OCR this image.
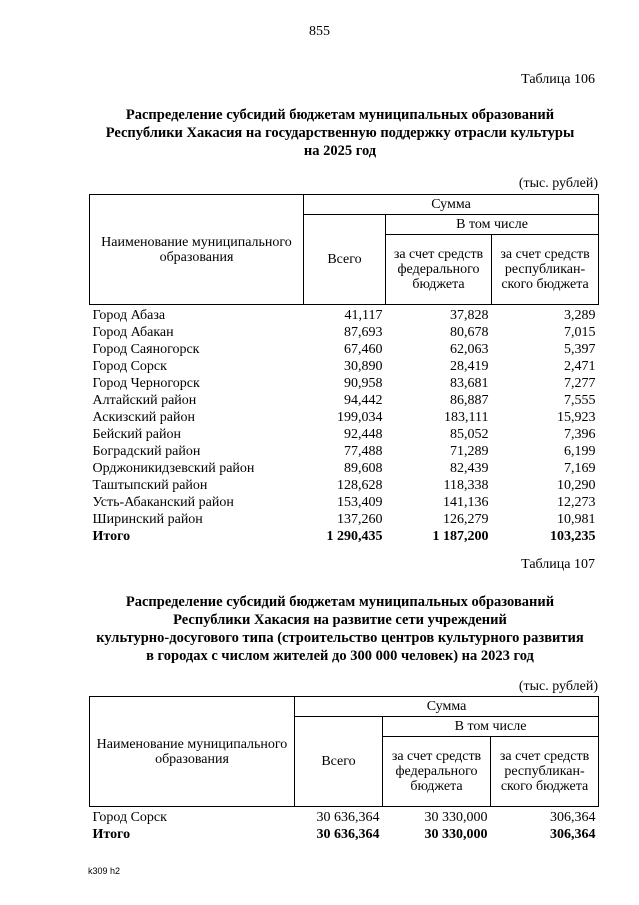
855
Таблица 106
Распределение субсидий бюджетам муниципальных образований
Республики Хакасия на государственную поддержку отрасли культуры
на 2025 год
(тыс. рублей)
Наименование муниципального образования	Сумма		
	Всего	В том числе	
		за счет средств федерального бюджета	за счет средств республикан-ского бюджета
Город Абаза	41,117	37,828	3,289
Город Абакан	87,693	80,678	7,015
Город Саяногорск	67,460	62,063	5,397
Город Сорск	30,890	28,419	2,471
Город Черногорск	90,958	83,681	7,277
Алтайский район	94,442	86,887	7,555
Аскизский район	199,034	183,111	15,923
Бейский район	92,448	85,052	7,396
Боградский район	77,488	71,289	6,199
Орджоникидзевский район	89,608	82,439	7,169
Таштыпский район	128,628	118,338	10,290
Усть-Абаканский район	153,409	141,136	12,273
Ширинский район	137,260	126,279	10,981
Итого	1 290,435	1 187,200	103,235
Таблица 107
Распределение субсидий бюджетам муниципальных образований
Республики Хакасия на развитие сети учреждений
культурно-досугового типа (строительство центров культурного развития
в городах с числом жителей до 300 000 человек) на 2023 год
(тыс. рублей)
Наименование муниципального образования	Сумма		
	Всего	В том числе	
		за счет средств федерального бюджета	за счет средств республикан-ского бюджета
Город Сорск	30 636,364	30 330,000	306,364
Итого	30 636,364	30 330,000	306,364
k309 h2
